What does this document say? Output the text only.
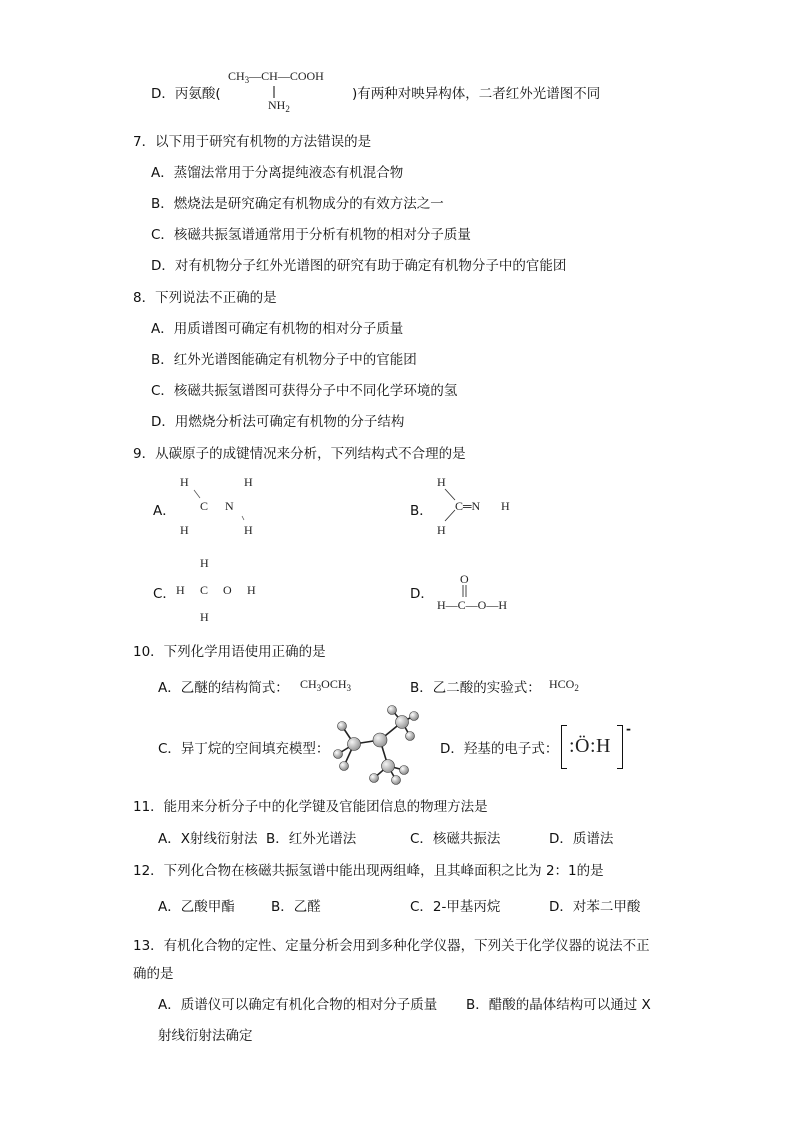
D．丙氨酸(
$CH_3—CH—COOH$
$NH_2$
)有两种对映异构体，二者红外光谱图不同
7．以下用于研究有机物的方法错误的是
A．蒸馏法常用于分离提纯液态有机混合物
B．燃烧法是研究确定有机物成分的有效方法之一
C．核磁共振氢谱通常用于分析有机物的相对分子质量
D．对有机物分子红外光谱图的研究有助于确定有机物分子中的官能团
8．下列说法不正确的是
A．用质谱图可确定有机物的相对分子质量
B．红外光谱图能确定有机物分子中的官能团
C．核磁共振氢谱图可获得分子中不同化学环境的氢
D．用燃烧分析法可确定有机物的分子结构
9．从碳原子的成键情况来分析，下列结构式不合理的是
A．
H	H
C N
H	H
B．
H
C═N H
H
C．
H
H C O H
H
D．
O
H—C—O—H
10．下列化学用语使用正确的是
A．乙醚的结构简式： $CH_3OCH_3$	B．乙二酸的实验式： $HCO_2$
C．异丁烷的空间填充模型：	D．羟基的电子式： :Ö:H
-
11．能用来分析分子中的化学键及官能团信息的物理方法是
A．X射线衍射法 B．红外光谱法	C．核磁共振法	D．质谱法
12．下列化合物在核磁共振氢谱中能出现两组峰，且其峰面积之比为 2：1的是
A．乙酸甲酯	B．乙醛	C．2-甲基丙烷	D．对苯二甲酸
13．有机化合物的定性、定量分析会用到多种化学仪器，下列关于化学仪器的说法不正
确的是
A．质谱仪可以确定有机化合物的相对分子质量 B．醋酸的晶体结构可以通过 X
射线衍射法确定
